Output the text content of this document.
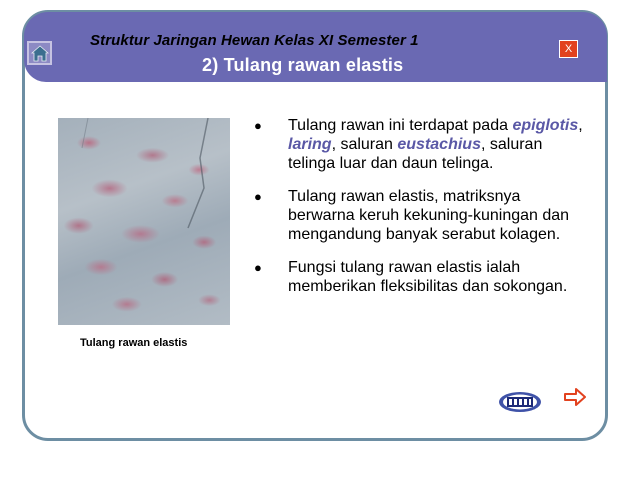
Struktur Jaringan Hewan Kelas XI Semester 1
2) Tulang rawan elastis
X

Tulang rawan elastis

● Tulang rawan ini terdapat pada epiglotis, laring, saluran eustachius, saluran telinga luar dan daun telinga.
● Tulang rawan elastis, matriksnya berwarna keruh kekuning-kuningan dan mengandung banyak serabut kolagen.
● Fungsi tulang rawan elastis ialah memberikan fleksibilitas dan sokongan.
